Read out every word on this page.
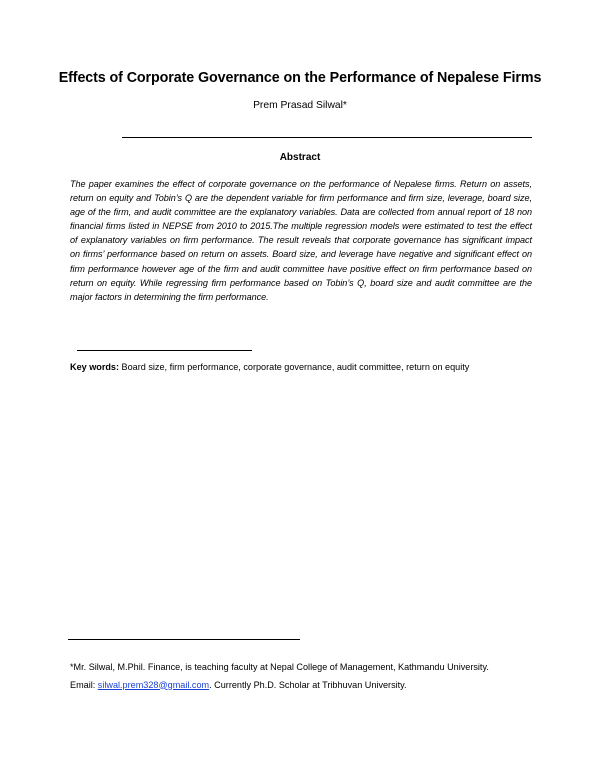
Effects of Corporate Governance on the Performance of Nepalese Firms
Prem Prasad Silwal*
Abstract
The paper examines the effect of corporate governance on the performance of Nepalese firms. Return on assets, return on equity and Tobin’s Q are the dependent variable for firm performance and firm size, leverage, board size, age of the firm, and audit committee are the explanatory variables. Data are collected from annual report of 18 non financial firms listed in NEPSE from 2010 to 2015.The multiple regression models were estimated to test the effect of explanatory variables on firm performance. The result reveals that corporate governance has significant impact on firms’ performance based on return on assets. Board size, and leverage have negative and significant effect on firm performance however age of the firm and audit committee have positive effect on firm performance based on return on equity. While regressing firm performance based on Tobin’s Q, board size and audit committee are the major factors in determining the firm performance.
Key words: Board size, firm performance, corporate governance, audit committee, return on equity
*Mr. Silwal, M.Phil. Finance, is teaching faculty at Nepal College of Management, Kathmandu University.
Email: silwal.prem328@gmail.com. Currently Ph.D. Scholar at Tribhuvan University.
